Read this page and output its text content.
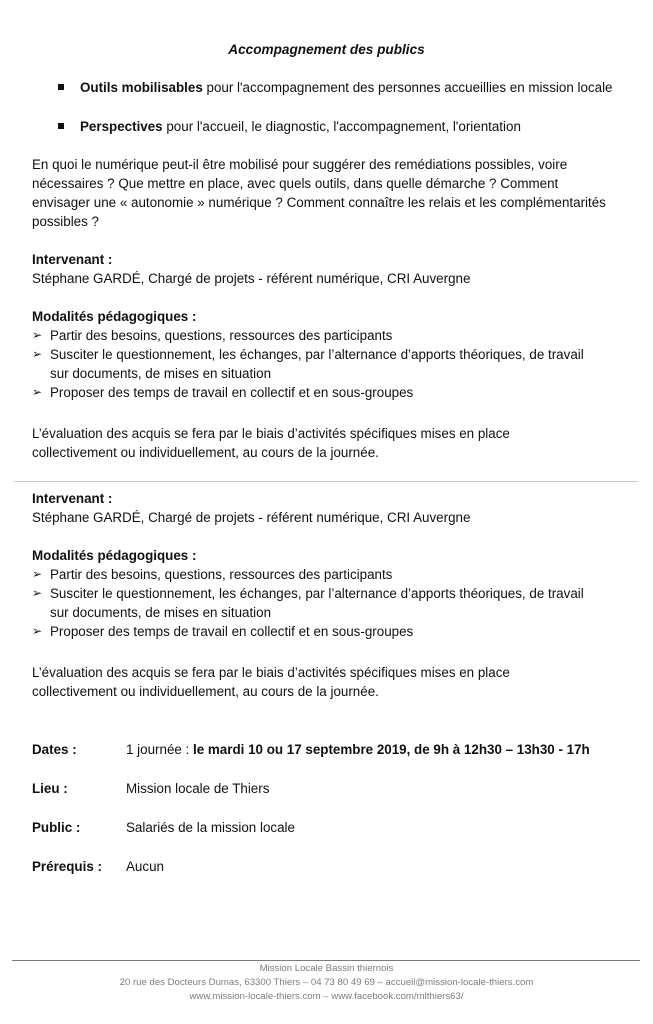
Accompagnement des publics
Outils mobilisables pour l'accompagnement des personnes accueillies en mission locale
Perspectives pour l'accueil, le diagnostic, l'accompagnement, l'orientation
En quoi le numérique peut-il être mobilisé pour suggérer des remédiations possibles, voire nécessaires ? Que mettre en place, avec quels outils, dans quelle démarche ? Comment envisager une « autonomie » numérique ? Comment connaître les relais et les complémentarités possibles ?
Intervenant :
Stéphane GARDÉ, Chargé de projets - référent numérique, CRI Auvergne
Modalités pédagogiques :
➢ Partir des besoins, questions, ressources des participants
➢ Susciter le questionnement, les échanges, par l’alternance d’apports théoriques, de travail sur documents, de mises en situation
➢ Proposer des temps de travail en collectif et en sous-groupes
L’évaluation des acquis se fera par le biais d’activités spécifiques mises en place collectivement ou individuellement, au cours de la journée.
Intervenant :
Stéphane GARDÉ, Chargé de projets - référent numérique, CRI Auvergne
Modalités pédagogiques :
➢ Partir des besoins, questions, ressources des participants
➢ Susciter le questionnement, les échanges, par l’alternance d’apports théoriques, de travail sur documents, de mises en situation
➢ Proposer des temps de travail en collectif et en sous-groupes
L’évaluation des acquis se fera par le biais d’activités spécifiques mises en place collectivement ou individuellement, au cours de la journée.
Dates :	1 journée : le mardi 10 ou 17 septembre 2019, de 9h à 12h30 – 13h30 - 17h
Lieu :	Mission locale de Thiers
Public :	Salariés de la mission locale
Prérequis : Aucun
Mission Locale Bassin thiernois
20 rue des Docteurs Dumas, 63300 Thiers – 04 73 80 49 69 – accueil@mission-locale-thiers.com
www.mission-locale-thiers.com – www.facebook.com/mlthiers63/
